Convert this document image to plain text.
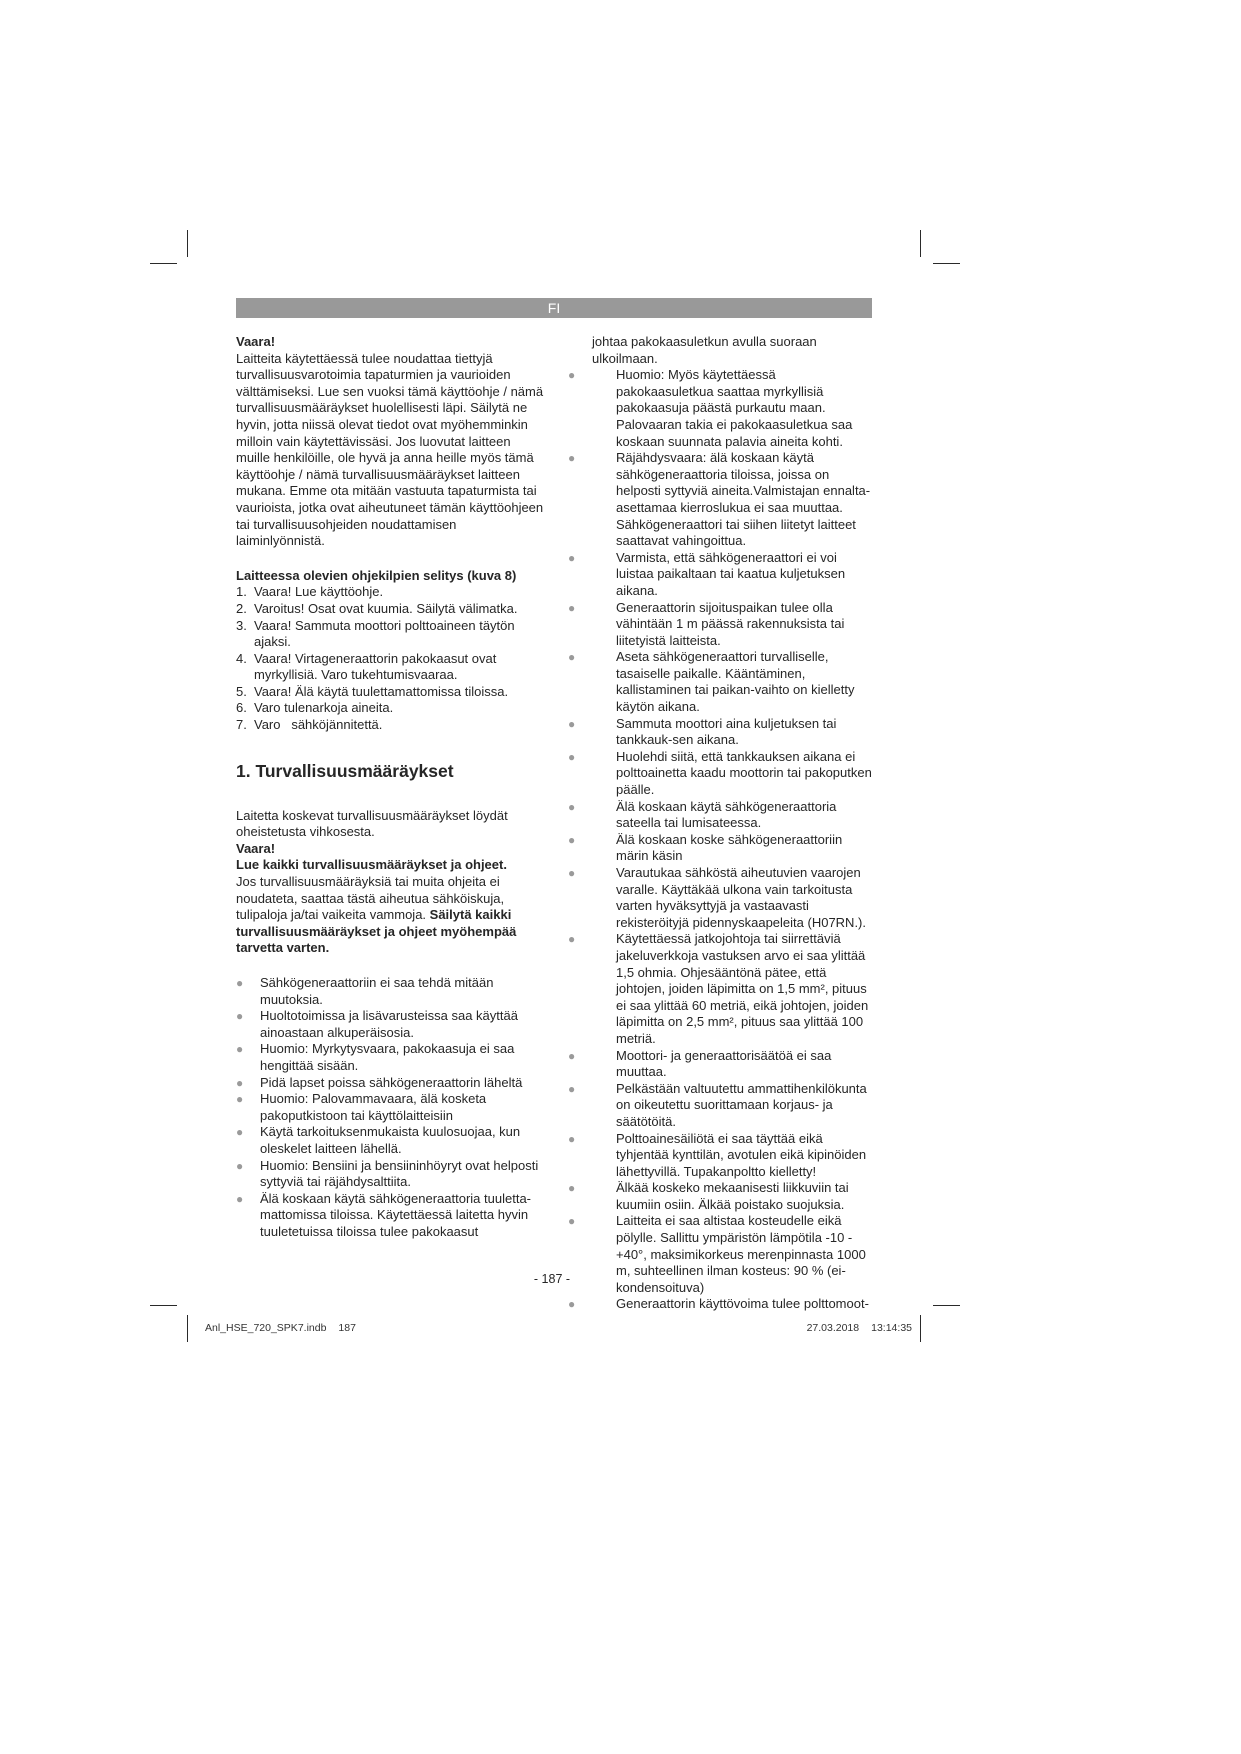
FI

Vaara!

Laitteita käytettäessä tulee noudattaa tiettyjä turvallisuusvarotoimia tapaturmien ja vaurioiden välttämiseksi. Lue sen vuoksi tämä käyttöohje / nämä turvallisuusmääräykset huolellisesti läpi. Säilytä ne hyvin, jotta niissä olevat tiedot ovat myöhemminkin milloin vain käytettävissäsi. Jos luovutat laitteen muille henkilöille, ole hyvä ja anna heille myös tämä käyttöohje / nämä turvallisuusmääräykset laitteen mukana. Emme ota mitään vastuuta tapaturmista tai vaurioista, jotka ovat aiheutuneet tämän käyttöohjeen tai turvallisuusohjeiden noudattamisen laiminlyönnistä.

Laitteessa olevien ohjekilpien selitys (kuva 8)

1. Vaara! Lue käyttöohje.
2. Varoitus! Osat ovat kuumia. Säilytä välimatka.
3. Vaara! Sammuta moottori polttoaineen täytön ajaksi.
4. Vaara! Virtageneraattorin pakokaasut ovat myrkyllisiä. Varo tukehtumisvaaraa.
5. Vaara! Älä käytä tuulettamattomissa tiloissa.
6. Varo tulenarkoja aineita.
7. Varo   sähköjännitettä.
1. Turvallisuusmääräykset

Laitetta koskevat turvallisuusmääräykset löydät oheistetusta vihkosesta.

Vaara!

Lue kaikki turvallisuusmääräykset ja ohjeet.

Jos turvallisuusmääräyksiä tai muita ohjeita ei noudateta, saattaa tästä aiheutua sähköiskuja, tulipaloja ja/tai vaikeita vammoja. Säilytä kaikki turvallisuusmääräykset ja ohjeet myöhempää tarvetta varten.

● Sähkögeneraattoriin ei saa tehdä mitään muutoksia.
● Huoltotoimissa ja lisävarusteissa saa käyttää ainoastaan alkuperäisosia.
● Huomio: Myrkytysvaara, pakokaasuja ei saa hengittää sisään.
● Pidä lapset poissa sähkögeneraattorin läheltä
● Huomio: Palovammavaara, älä kosketa pakoputkistoon tai käyttölaitteisiin
● Käytä tarkoituksenmukaista kuulosuojaa, kun oleskelet laitteen lähellä.
● Huomio: Bensiini ja bensiininhöyryt ovat helposti syttyviä tai räjähdysalttiita.
● Älä koskaan käytä sähkögeneraattoria tuuletta-mattomissa tiloissa. Käytettäessä laitetta hyvin tuuletetuissa tiloissa tulee pakokaasut

johtaa pakokaasuletkun avulla suoraan ulkoilmaan.

●	Huomio: Myös käytettäessä pakokaasuletkua saattaa myrkyllisiä pakokaasuja päästä purkautu maan. Palovaaran takia ei pakokaasuletkua saa koskaan suunnata palavia aineita kohti.
●	Räjähdysvaara: älä koskaan käytä sähkögeneraattoria tiloissa, joissa on helposti syttyviä aineita.Valmistajan ennalta-asettamaa kierroslukua ei saa muuttaa. Sähkögeneraattori tai siihen liitetyt laitteet saattavat vahingoittua.
●	Varmista, että sähkögeneraattori ei voi luistaa paikaltaan tai kaatua kuljetuksen aikana.
●	Generaattorin sijoituspaikan tulee olla vähintään 1 m päässä rakennuksista tai liitetyistä laitteista.
●	Aseta sähkögeneraattori turvalliselle, tasaiselle paikalle. Kääntäminen, kallistaminen tai paikan-vaihto on kielletty käytön aikana.
●	Sammuta moottori aina kuljetuksen tai tankkauk-sen aikana.
●	Huolehdi siitä, että tankkauksen aikana ei polttoainetta kaadu moottorin tai pakoputken päälle.
●	Älä koskaan käytä sähkögeneraattoria sateella tai lumisateessa.
●	Älä koskaan koske sähkögeneraattoriin märin käsin
●	Varautukaa sähköstä aiheutuvien vaarojen varalle. Käyttäkää ulkona vain tarkoitusta varten hyväksyttyjä ja vastaavasti rekisteröityjä pidennyskaapeleita (H07RN.).
●	Käytettäessä jatkojohtoja tai siirrettäviä jakeluverkkoja vastuksen arvo ei saa ylittää 1,5 ohmia. Ohjesääntönä pätee, että johtojen, joiden läpimitta on 1,5 mm², pituus ei saa ylittää 60 metriä, eikä johtojen, joiden läpimitta on 2,5 mm², pituus saa ylittää 100 metriä.
●	Moottori- ja generaattorisäätöä ei saa muuttaa.
●	Pelkästään valtuutettu ammattihenkilökunta on oikeutettu suorittamaan korjaus- ja säätötöitä.
●	Polttoainesäiliötä ei saa täyttää eikä tyhjentää kynttilän, avotulen eikä kipinöiden lähettyvillä. Tupakanpoltto kielletty!
●	Älkää koskeko mekaanisesti liikkuviin tai kuumiin osiin. Älkää poistako suojuksia.
●	Laitteita ei saa altistaa kosteudelle eikä pölylle. Sallittu ympäristön lämpötila -10 - +40°, maksimikorkeus merenpinnasta 1000 m, suhteellinen ilman kosteus: 90 % (ei-kondensoituva)
●	Generaattorin käyttövoima tulee polttomoot-
- 187 -
Anl_HSE_720_SPK7.indb 187	27.03.2018 13:14:35
